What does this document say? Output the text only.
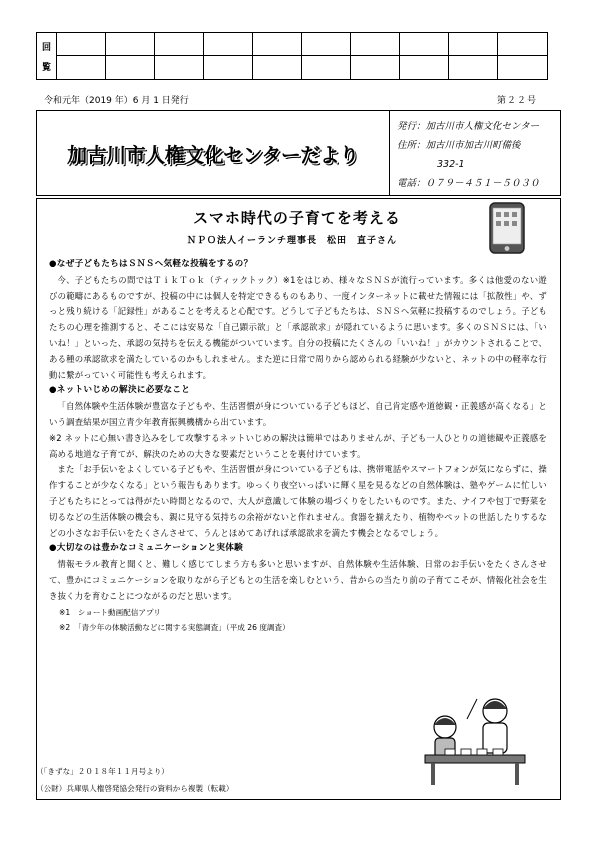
回
覧
令和元年（2019 年）6 月 1 日発行	第２２号
加古川市人権文化センターだより
発行：加古川市人権文化センター
住所：加古川市加古川町備後
332-1
電話：０７９－４５１－５０３０
スマホ時代の子育てを考える
ＮＰＯ法人イーランチ理事長　松田　直子さん
●なぜ子どもたちはＳＮＳへ気軽な投稿をするの？

今、子どもたちの間ではＴｉｋＴｏｋ（ティックトック）※1をはじめ、様々なＳＮＳが流行っています。多くは他愛のない遊びの範疇にあるものですが、投稿の中には個人を特定できるものもあり、一度インターネットに載せた情報には「拡散性」や、ずっと残り続ける「記録性」があることを考えると心配です。どうして子どもたちは、ＳＮＳへ気軽に投稿するのでしょう。子どもたちの心理を推測すると、そこには安易な「自己顕示欲」と「承認欲求」が隠れているように思います。多くのＳＮＳには、「いいね！」といった、承認の気持ちを伝える機能がついています。自分の投稿にたくさんの「いいね！」がカウントされることで、ある種の承認欲求を満たしているのかもしれません。また逆に日常で周りから認められる経験が少ないと、ネットの中の軽率な行動に繋がっていく可能性も考えられます。

●ネットいじめの解決に必要なこと

「自然体験や生活体験が豊富な子どもや、生活習慣が身についている子どもほど、自己肯定感や道徳観・正義感が高くなる」という調査結果が国立青少年教育振興機構から出ています。

※2 ネットに心無い書き込みをして攻撃するネットいじめの解決は簡単ではありませんが、子ども一人ひとりの道徳観や正義感を高める地道な子育てが、解決のための大きな要素だということを裏付けています。

また「お手伝いをよくしている子どもや、生活習慣が身についている子どもは、携帯電話やスマートフォンが気にならずに、操作することが少なくなる」という報告もあります。ゆっくり夜空いっぱいに輝く星を見るなどの自然体験は、塾やゲームに忙しい子どもたちにとっては得がたい時間となるので、大人が意識して体験の場づくりをしたいものです。また、ナイフや包丁で野菜を切るなどの生活体験の機会も、親に見守る気持ちの余裕がないと作れません。食器を揃えたり、植物やペットの世話したりするなどの小さなお手伝いをたくさんさせて、うんとほめてあげれば承認欲求を満たす機会となるでしょう。

●大切なのは豊かなコミュニケーションと実体験

情報モラル教育と聞くと、難しく感じてしまう方も多いと思いますが、自然体験や生活体験、日常のお手伝いをたくさんさせて、豊かにコミュニケーションを取りながら子どもとの生活を楽しむという、昔からの当たり前の子育てこそが、情報化社会を生き抜く力を育むことにつながるのだと思います。

※1　ショート動画配信アプリ
※2　「青少年の体験活動などに関する実態調査」（平成 26 度調査）
（「きずな」２０１８年１１月号より）
（公財）兵庫県人権啓発協会発行の資料から複製（転載）
